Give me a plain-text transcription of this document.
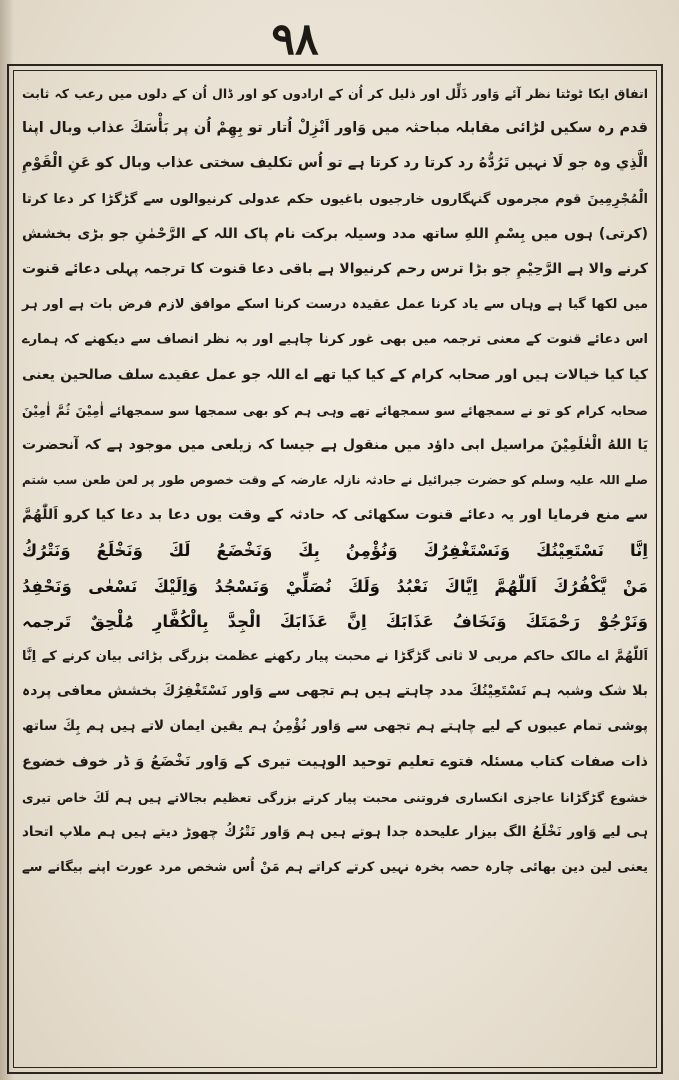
۹۸
اتفاق ایکا ٹوٹتا نظر آئے وَاور ذَلِّل اور ذلیل کر اُن کے ارادوں کو اور ڈال اُن کے دلوں میں رعب کہ ثابت
قدم رہ سکیں لڑائی مقابلہ مباحثہ میں وَاور اَنْزِلْ اُتار تو بِهِمْ اُن پر بَأْسَكَ عذاب وبال اپنا
الَّذِي وہ جو لَا نہیں تَرُدُّهُ رد کرتا رد کرتا ہے تو اُس تکلیف سختی عذاب وبال کو عَنِ الْقَوْمِ
الْمُجْرِمِينَ قوم مجرموں گنہگاروں خارجیوں باغیوں حکم عدولی کرنیوالوں سے گڑگڑا کر دعا کرتا
(کرتی) ہوں میں بِسْمِ اللهِ ساتھ مدد وسیلہ برکت نام پاک اللہ کے الرَّحْمٰنِ جو بڑی بخشش
کرنے والا ہے الرَّحِيْمِ جو بڑا ترس رحم کرنیوالا ہے باقی دعا قنوت کا ترجمہ پہلی دعائے قنوت
میں لکھا گیا ہے وہاں سے یاد کرنا عمل عقیدہ درست کرنا اسکے موافق لازم فرض بات ہے اور ہر
اس دعائے قنوت کے معنی ترجمہ میں بھی غور کرنا چاہیے اور بہ نظر انصاف سے دیکھنے کہ ہمارے
کیا کیا خیالات ہیں اور صحابہ کرام کے کیا کیا تھے اے اللہ جو عمل عقیدے سلف صالحین یعنی
صحابہ کرام کو تو نے سمجھائے سو سمجھائے تھے وہی ہم کو بھی سمجھا سو سمجھائے اٰمِیْنَ ثُمَّ اٰمِیْنَ
یَا اللهُ الْعٰلَمِیْنَ مراسیل ابی داؤد میں منقول ہے جیسا کہ زیلعی میں موجود ہے کہ آنحضرت
صلے اللہ علیہ وسلم کو حضرت جبرائیل نے حادثہ نازلہ عارضہ کے وقت خصوص طور پر لعن طعن سب شتم
سے منع فرمایا اور یہ دعائے قنوت سکھائی کہ حادثہ کے وقت یوں دعا بد دعا کیا کرو اَللّٰهُمَّ
اِنَّا نَسْتَعِيْنُكَ وَنَسْتَغْفِرُكَ وَنُؤْمِنُ بِكَ وَنَخْضَعُ لَكَ وَنَخْلَعُ وَنَتْرُكُ
مَنْ يَّكْفُرُكَ اَللّٰهُمَّ اِيَّاكَ نَعْبُدُ وَلَكَ نُصَلِّيْ وَنَسْجُدُ وَاِلَيْكَ نَسْعٰى وَنَحْفِدُ
وَنَرْجُوْ رَحْمَتَكَ وَنَخَافُ عَذَابَكَ اِنَّ عَذَابَكَ الْجِدَّ بِالْكُفَّارِ مُلْحِقٌ تَرجمہ
اَللّٰهُمَّ اے مالک حاکم مربی لا ثانی گڑگڑا نے محبت پیار رکھنے عظمت بزرگی بڑائی بیان کرنے کے اِنَّا
بلا شک وشبہ ہم نَسْتَعِيْنُكَ مدد چاہتے ہیں ہم تجھی سے وَاور نَسْتَغْفِرُكَ بخشش معافی پردہ
پوشی تمام عیبوں کے لیے چاہتے ہم تجھی سے وَاور نُؤْمِنُ ہم یقین ایمان لاتے ہیں ہم بِكَ ساتھ
ذات صفات کتاب مسئلہ فتوے تعلیم توحید الوہیت تیری کے وَاور نَخْضَعُ وَ ڈر خوف خضوع
خشوع گڑگڑانا عاجزی انکساری فروتنی محبت پیار کرتے بزرگی تعظیم بجالاتے ہیں ہم لَكَ خاص تیری
ہی لیے وَاور نَخْلَعُ الگ بیزار علیحدہ جدا ہوتے ہیں ہم وَاور نَتْرُكُ چھوڑ دیتے ہیں ہم ملاپ اتحاد
یعنی لین دین بھائی چارہ حصہ بخرہ نہیں کرتے کراتے ہم مَنْ اُس شخص مرد عورت اپنے بیگانے سے
